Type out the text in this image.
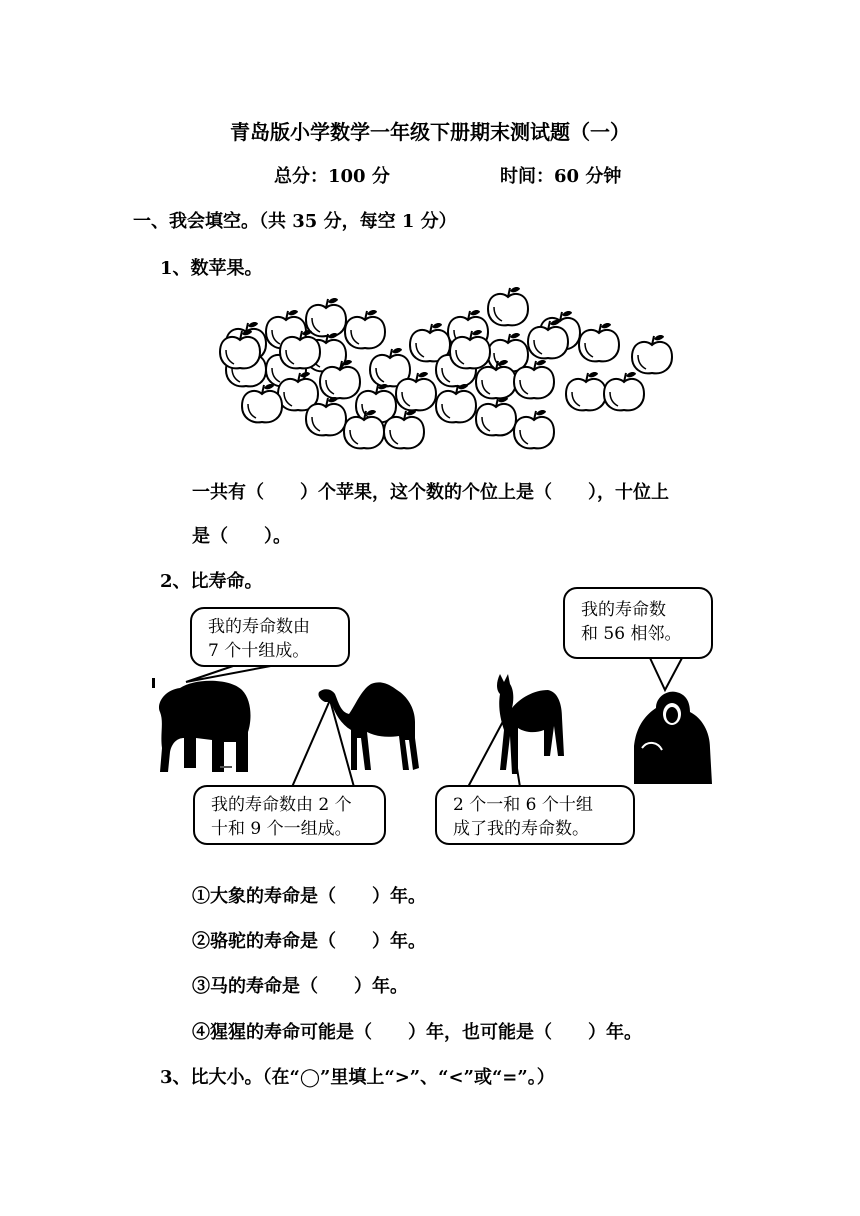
青岛版小学数学一年级下册期末测试题（一）
总分：100 分	时间：60 分钟
一、我会填空。（共 35 分，每空 1 分）
1、数苹果。
一共有（　　）个苹果，这个数的个位上是（　　），十位上
是（　　）。
2、比寿命。
我的寿命数由
7 个十组成。
我的寿命数
和 56 相邻。
我的寿命数由 2 个
十和 9 个一组成。
2 个一和 6 个十组
成了我的寿命数。
①大象的寿命是（　　）年。
②骆驼的寿命是（　　）年。
③马的寿命是（　　）年。
④猩猩的寿命可能是（　　）年，也可能是（　　）年。
3、比大小。（在“◯”里填上“>”、“<”或“=”。）
